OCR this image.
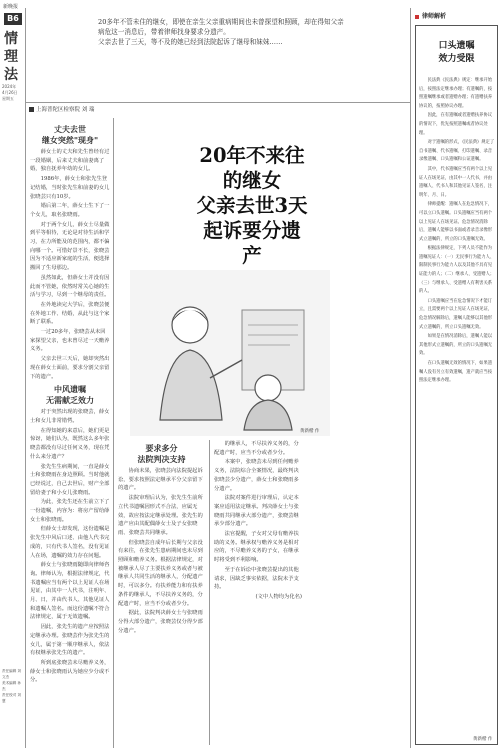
新晚报
B6
情
理
法
2024年
4月26日
星期五
责任编辑 刘文杰
美术编辑 孙 杰
责任校对 刘慧

20多年不管未住的继女，即使在亲生父亲重病期间也未曾探望和照顾，却在得知父亲病危这一消息后，带着律师找身要求分遗产。

父亲去世了三天，等不及的她已经到法院起诉了继母和妹妹……

上海普陀区检察院 刘 瑞
丈夫去世
继女突然"现身"

薛女士的丈夫和先生曾经有过一段婚姻，后来丈夫和前妻离了婚，独自抚养年幼的女儿。

1986年，薛女士和张先生登记结婚，当时张先生和前妻的女儿张晓芸只有10岁。

婚后第二年，薛女士生下了一个女儿，取名张晓雨。

对于两个女儿，薛女士尽量做到平等相待，无论是对待生活和学习，在力所能及的范围内，都不偏向哪一个。可惜好景不长，张晓芸因为不适应新家庭的生活，便选择搬回了生母那边。

虽然如此，但薛女士并没有因此而不管她，依然时常关心她的生活与学习，尽到一个继母的责任。

在外地读完大学后，张晓芸便在外地工作、结婚，从此与这个家断了联系。

一过20多年，张晓芸从未回家探望父亲，也未曾尽过一天赡养义务。

父亲去世三天后，她却突然出现在薛女士面前，要求分割父亲留下的遗产。

中风遗嘱
无需献乏效力

对于突然出现的张晓芸，薛女士和女儿非常错愕。

在得知她的来意后，她们更是惊讶，她们认为，既然这么多年张晓芸都没有尽过任何义务，现在凭什么来分遗产？

张先生生病期间，一直是薛女士和张晓雨在身边照顾。当时他就已经说过，自己去世后，财产全部留给妻子和小女儿张晓雨。

为此，张先生还在生前立下了一份遗嘱，内容为：将房产留给薛女士和张晓雨。

但薛女士却发现，这份遗嘱是张先生中风后口述、由他人代书完成的，只有代书人签名，没有见证人在场，遗嘱的效力存在问题。

薛女士与张晓雨随即向律师咨询。律师认为，根据法律规定，代书遗嘱应当有两个以上见证人在场见证，由其中一人代书，注明年、月、日，并由代书人、其他见证人和遗嘱人签名。而这份遗嘱不符合法律规定，属于无效遗嘱。

因此，张先生的遗产应按照法定继承办理。张晓芸作为张先生的女儿，属于第一顺序继承人，依法有权继承张先生的遗产。

所到底张晓芸未尽赡养义务，薛女士和张晓雨认为她应少分或不分。

20年不来往
的继女
父亲去世3天
起诉要分遗产
黄新楷 作
要求多分
法院判决支持

协商未果，张晓芸向法院提起诉讼，要求按照法定继承平分父亲留下的遗产。

法院审理后认为，张先生生前所立代书遗嘱因形式不合法，应属无效，故应按法定继承处理。张先生的遗产应由其配偶薛女士及子女张晓雨、张晓芸共同继承。

但张晓芸自成年后长期与父亲没有来往，在张先生患病期间也未尽到照顾和赡养义务。根据法律规定，对被继承人尽了主要扶养义务或者与被继承人共同生活的继承人，分配遗产时，可以多分。有扶养能力和有扶养条件的继承人，不尽扶养义务的，分配遗产时，应当不分或者少分。

据此，法院判决薛女士与张晓雨分得大部分遗产，张晓芸仅分得少部分遗产。

的继承人，不尽扶养义务的，分配遗产时，应当不分或者少分。

本案中，张晓芸未尽到任何赡养义务，法院综合全案情况，最终判决张晓芸少分遗产，薛女士和张晓雨多分遗产。

法院对案件进行审理后，认定本案应适用法定继承。判决薛女士与张晓雨共同继承大部分遗产，张晓芸继承少部分遗产。

法官提醒，子女对父母有赡养扶助的义务。继承权与赡养义务是相对应的，不尽赡养义务的子女，在继承时将受到不利影响。

至于在诉讼中张晓芸提出的其他请求，因缺乏事实依据，法院未予支持。

(文中人物均为化名)

律师解析
口头遗嘱
效力受限

民法典《民法典》规定：继承开始后，按照法定继承办理；有遗嘱的，按照遗嘱继承或者遗赠办理；有遗赠扶养协议的，按照协议办理。

因此，在有遗嘱或者遗赠扶养协议的情况下，优先按照遗嘱或者协议处理。

对于遗嘱的形式，《民法典》规定了自书遗嘱、代书遗嘱、打印遗嘱、录音录像遗嘱、口头遗嘱和公证遗嘱。

其中，代书遗嘱应当有两个以上见证人在场见证，由其中一人代书，并由遗嘱人、代书人和其他见证人签名，注明年、月、日。

律师提醒：遗嘱人在危急情况下，可以立口头遗嘱。口头遗嘱应当有两个以上见证人在场见证。危急情况消除后，遗嘱人能够以书面或者录音录像形式立遗嘱的，所立的口头遗嘱无效。

根据法律规定，下列人员不能作为遗嘱见证人：（一）无民事行为能力人、限制民事行为能力人以及其他不具有见证能力的人；（二）继承人、受遗赠人；（三）与继承人、受遗赠人有利害关系的人。

口头遗嘱应当在危急情况下才能订立，且需要两个以上见证人在场见证，危急情况解除后，遗嘱人能够以其他形式立遗嘱的，所立口头遗嘱无效。

如果是在情况消除后，遗嘱人能以其他形式立遗嘱的，所立的口头遗嘱无效。

在口头遗嘱无效的情况下，如果遗嘱人没有另立有效遗嘱，遗产就应当按照法定继承办理。

黄新楷 作
